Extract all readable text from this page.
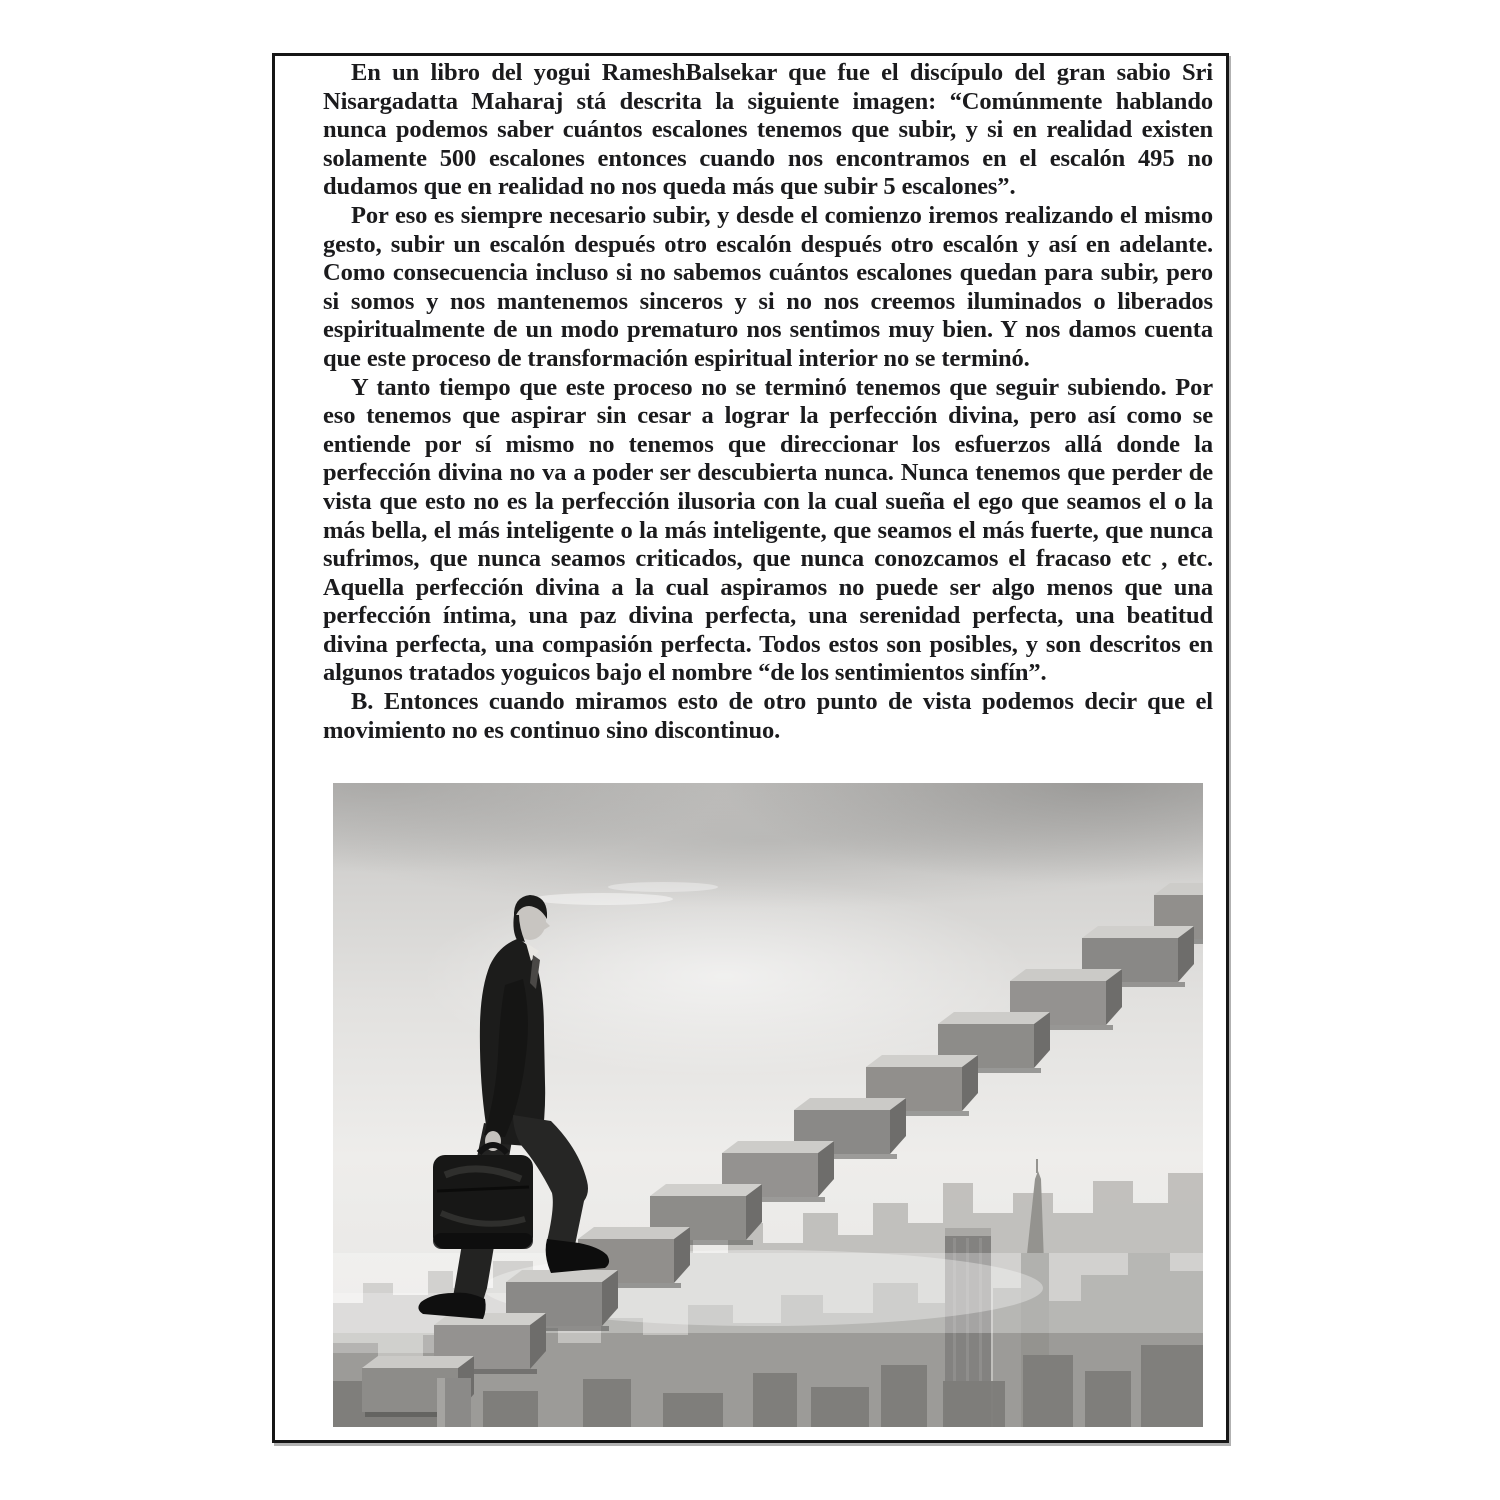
En un libro del yogui RameshBalsekar que fue el discípulo del gran sabio Sri Nisargadatta Maharaj stá descrita la siguiente imagen: “Comúnmente hablando nunca podemos saber cuántos escalones tenemos que subir, y si en realidad existen solamente 500 escalones entonces cuando nos encontramos en el escalón 495 no dudamos que en realidad no nos queda más que subir 5 escalones”.

Por eso es siempre necesario subir, y desde el comienzo iremos realizando el mismo gesto, subir un escalón después otro escalón después otro escalón y así en adelante. Como consecuencia incluso si no sabemos cuántos escalones quedan para subir, pero si somos y nos mantenemos sinceros y si no nos creemos iluminados o liberados espiritualmente de un modo prematuro nos sentimos muy bien. Y nos damos cuenta que este proceso de transformación espiritual interior no se terminó.

Y tanto tiempo que este proceso no se terminó tenemos que seguir subiendo. Por eso tenemos que aspirar sin cesar a lograr la perfección divina, pero así como se entiende por sí mismo no tenemos que direccionar los esfuerzos allá donde la perfección divina no va a poder ser descubierta nunca. Nunca tenemos que perder de vista que esto no es la perfección ilusoria con la cual sueña el ego que seamos el o la más bella, el más inteligente o la más inteligente, que seamos el más fuerte, que nunca sufrimos, que nunca seamos criticados, que nunca conozcamos el fracaso etc , etc. Aquella perfección divina a la cual aspiramos no puede ser algo menos que una perfección íntima, una paz divina perfecta, una serenidad perfecta, una beatitud divina perfecta, una compasión perfecta. Todos estos son posibles, y son descritos en algunos tratados yoguicos bajo el nombre “de los sentimientos sinfín”.

B. Entonces cuando miramos esto de otro punto de vista podemos decir que el movimiento no es continuo sino discontinuo.
